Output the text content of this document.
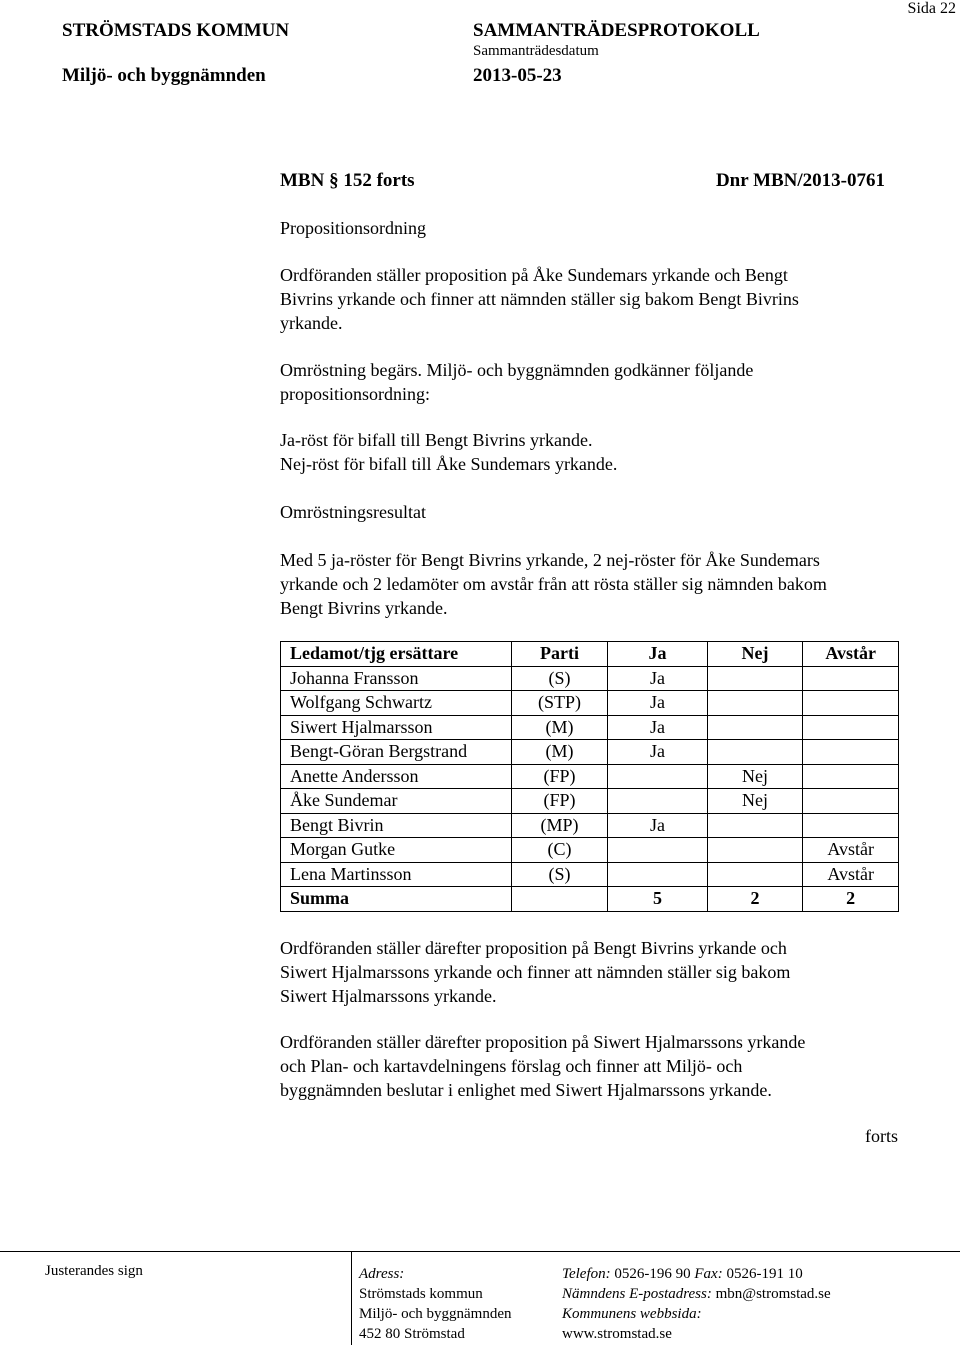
Sida 22
STRÖMSTADS KOMMUN
Miljö- och byggnämnden
SAMMANTRÄDESPROTOKOLL
Sammanträdesdatum
2013-05-23
MBN § 152 forts	Dnr MBN/2013-0761
Propositionsordning
Ordföranden ställer proposition på Åke Sundemars yrkande och Bengt
Bivrins yrkande och finner att nämnden ställer sig bakom Bengt Bivrins
yrkande.
Omröstning begärs. Miljö- och byggnämnden godkänner följande
propositionsordning:
Ja-röst för bifall till Bengt Bivrins yrkande.
Nej-röst för bifall till Åke Sundemars yrkande.
Omröstningsresultat
Med 5 ja-röster för Bengt Bivrins yrkande, 2 nej-röster för Åke Sundemars
yrkande och 2 ledamöter om avstår från att rösta ställer sig nämnden bakom
Bengt Bivrins yrkande.
Ledamot/tjg ersättare	Parti	Ja	Nej	Avstår
Johanna Fransson	(S)	Ja		
Wolfgang Schwartz	(STP)	Ja		
Siwert Hjalmarsson	(M)	Ja		
Bengt-Göran Bergstrand	(M)	Ja		
Anette Andersson	(FP)		Nej	
Åke Sundemar	(FP)		Nej	
Bengt Bivrin	(MP)	Ja		
Morgan Gutke	(C)			Avstår
Lena Martinsson	(S)			Avstår
Summa		5	2	2
Ordföranden ställer därefter proposition på Bengt Bivrins yrkande och
Siwert Hjalmarssons yrkande och finner att nämnden ställer sig bakom
Siwert Hjalmarssons yrkande.
Ordföranden ställer därefter proposition på Siwert Hjalmarssons yrkande
och Plan- och kartavdelningens förslag och finner att Miljö- och
byggnämnden beslutar i enlighet med Siwert Hjalmarssons yrkande.
forts
Justerandes sign	Adress:
Strömstads kommun
Miljö- och byggnämnden
452 80 Strömstad
Telefon: 0526-196 90 Fax: 0526-191 10
Nämndens E-postadress: mbn@stromstad.se
Kommunens webbsida:
www.stromstad.se
